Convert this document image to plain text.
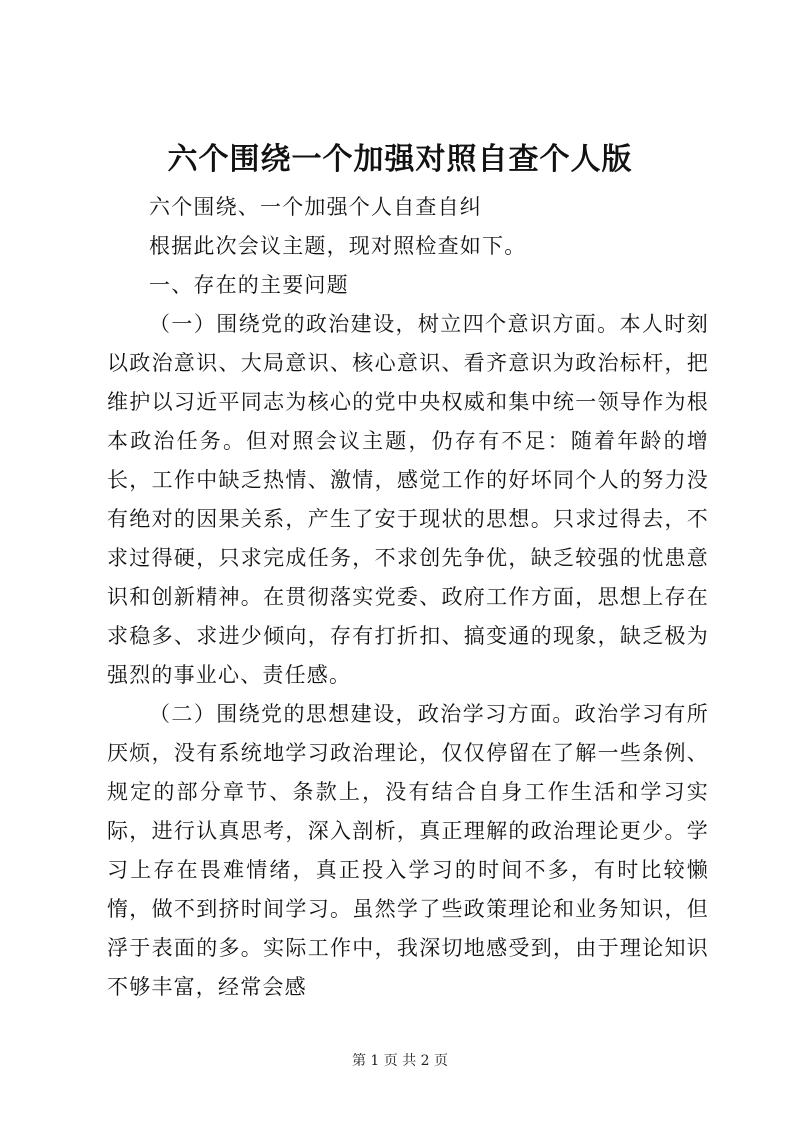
六个围绕一个加强对照自查个人版

六个围绕、一个加强个人自查自纠

根据此次会议主题，现对照检查如下。

一、存在的主要问题

（一）围绕党的政治建设，树立四个意识方面。本人时刻以政治意识、大局意识、核心意识、看齐意识为政治标杆，把维护以习近平同志为核心的党中央权威和集中统一领导作为根本政治任务。但对照会议主题，仍存有不足：随着年龄的增长，工作中缺乏热情、激情，感觉工作的好坏同个人的努力没有绝对的因果关系，产生了安于现状的思想。只求过得去，不求过得硬，只求完成任务，不求创先争优，缺乏较强的忧患意识和创新精神。在贯彻落实党委、政府工作方面，思想上存在求稳多、求进少倾向，存有打折扣、搞变通的现象，缺乏极为强烈的事业心、责任感。

（二）围绕党的思想建设，政治学习方面。政治学习有所厌烦，没有系统地学习政治理论，仅仅停留在了解一些条例、规定的部分章节、条款上，没有结合自身工作生活和学习实际，进行认真思考，深入剖析，真正理解的政治理论更少。学习上存在畏难情绪，真正投入学习的时间不多，有时比较懒惰，做不到挤时间学习。虽然学了些政策理论和业务知识，但浮于表面的多。实际工作中，我深切地感受到，由于理论知识不够丰富，经常会感

第 1 页 共 2 页
